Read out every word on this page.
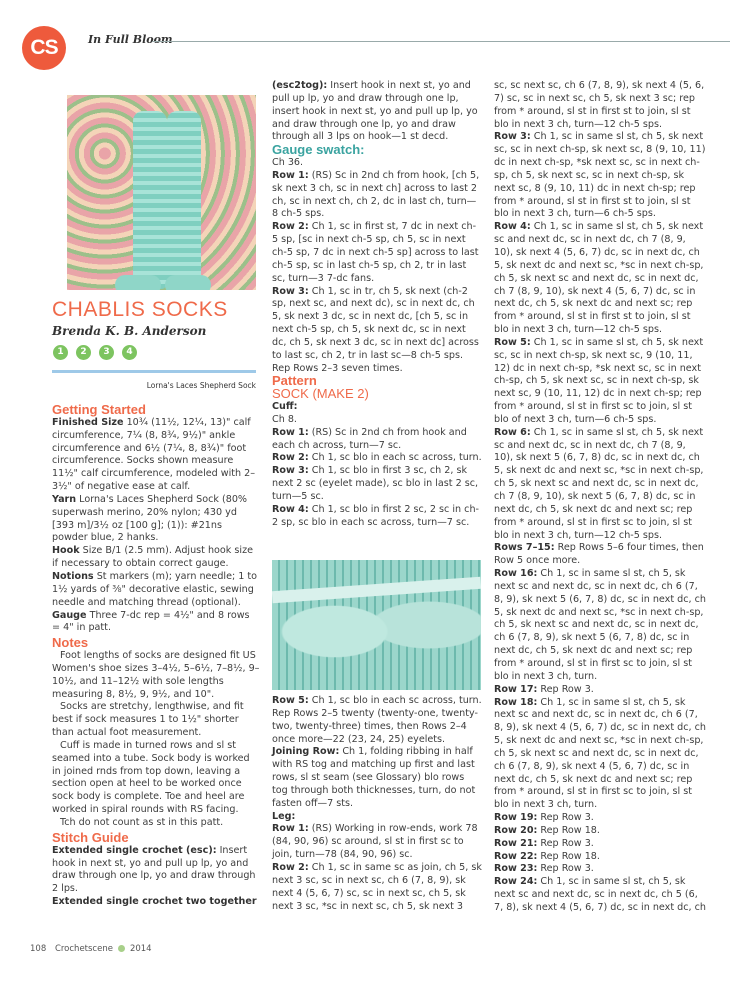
CS	In Full Bloom
CHABLIS SOCKS
Brenda K. B. Anderson
1	2	3	4
Lorna's Laces Shepherd Sock

Getting Started

Finished Size 10¾ (11½, 12¼, 13)" calf circumference, 7¼ (8, 8¾, 9½)" ankle circumference and 6½ (7¼, 8, 8¾)" foot circumference. Socks shown measure 11½" calf circumference, modeled with 2–3½" of negative ease at calf.

Yarn Lorna's Laces Shepherd Sock (80% superwash merino, 20% nylon; 430 yd [393 m]/3½ oz [100 g]; (1)): #21ns powder blue, 2 hanks.

Hook Size B/1 (2.5 mm). Adjust hook size if necessary to obtain correct gauge.

Notions St markers (m); yarn needle; 1 to 1½ yards of ⅜" decorative elastic, sewing needle and matching thread (optional).

Gauge Three 7-dc rep = 4½" and 8 rows = 4" in patt.

Notes

Foot lengths of socks are designed fit US Women's shoe sizes 3–4½, 5–6½, 7–8½, 9–10½, and 11–12½ with sole lengths measuring 8, 8½, 9, 9½, and 10".

Socks are stretchy, lengthwise, and fit best if sock measures 1 to 1½" shorter than actual foot measurement.

Cuff is made in turned rows and sl st seamed into a tube. Sock body is worked in joined rnds from top down, leaving a section open at heel to be worked once sock body is complete. Toe and heel are worked in spiral rounds with RS facing.

Tch do not count as st in this patt.

Stitch Guide

Extended single crochet (esc): Insert hook in next st, yo and pull up lp, yo and draw through one lp, yo and draw through 2 lps.

Extended single crochet two together

(esc2tog): Insert hook in next st, yo and pull up lp, yo and draw through one lp, insert hook in next st, yo and pull up lp, yo and draw through one lp, yo and draw through all 3 lps on hook—1 st decd.

Gauge swatch:

Ch 36.

Row 1: (RS) Sc in 2nd ch from hook, [ch 5, sk next 3 ch, sc in next ch] across to last 2 ch, sc in next ch, ch 2, dc in last ch, turn—8 ch-5 sps.

Row 2: Ch 1, sc in first st, 7 dc in next ch-5 sp, [sc in next ch-5 sp, ch 5, sc in next ch-5 sp, 7 dc in next ch-5 sp] across to last ch-5 sp, sc in last ch-5 sp, ch 2, tr in last sc, turn—3 7-dc fans.

Row 3: Ch 1, sc in tr, ch 5, sk next (ch-2 sp, next sc, and next dc), sc in next dc, ch 5, sk next 3 dc, sc in next dc, [ch 5, sc in next ch-5 sp, ch 5, sk next dc, sc in next dc, ch 5, sk next 3 dc, sc in next dc] across to last sc, ch 2, tr in last sc—8 ch-5 sps.

Rep Rows 2–3 seven times.

Pattern

SOCK (MAKE 2)

Cuff:

Ch 8.

Row 1: (RS) Sc in 2nd ch from hook and each ch across, turn—7 sc.

Row 2: Ch 1, sc blo in each sc across, turn.

Row 3: Ch 1, sc blo in first 3 sc, ch 2, sk next 2 sc (eyelet made), sc blo in last 2 sc, turn—5 sc.

Row 4: Ch 1, sc blo in first 2 sc, 2 sc in ch-2 sp, sc blo in each sc across, turn—7 sc.

Row 5: Ch 1, sc blo in each sc across, turn. Rep Rows 2–5 twenty (twenty-one, twenty-two, twenty-three) times, then Rows 2–4 once more—22 (23, 24, 25) eyelets.

Joining Row: Ch 1, folding ribbing in half with RS tog and matching up first and last rows, sl st seam (see Glossary) blo rows tog through both thicknesses, turn, do not fasten off—7 sts.

Leg:

Row 1: (RS) Working in row-ends, work 78 (84, 90, 96) sc around, sl st in first sc to join, turn—78 (84, 90, 96) sc.

Row 2: Ch 1, sc in same sc as join, ch 5, sk next 3 sc, sc in next sc, ch 6 (7, 8, 9), sk next 4 (5, 6, 7) sc, sc in next sc, ch 5, sk next 3 sc, *sc in next sc, ch 5, sk next 3

sc, sc next sc, ch 6 (7, 8, 9), sk next 4 (5, 6, 7) sc, sc in next sc, ch 5, sk next 3 sc; rep from * around, sl st in first st to join, sl st blo in next 3 ch, turn—12 ch-5 sps.

Row 3: Ch 1, sc in same sl st, ch 5, sk next sc, sc in next ch-sp, sk next sc, 8 (9, 10, 11) dc in next ch-sp, *sk next sc, sc in next ch-sp, ch 5, sk next sc, sc in next ch-sp, sk next sc, 8 (9, 10, 11) dc in next ch-sp; rep from * around, sl st in first st to join, sl st blo in next 3 ch, turn—6 ch-5 sps.

Row 4: Ch 1, sc in same sl st, ch 5, sk next sc and next dc, sc in next dc, ch 7 (8, 9, 10), sk next 4 (5, 6, 7) dc, sc in next dc, ch 5, sk next dc and next sc, *sc in next ch-sp, ch 5, sk next sc and next dc, sc in next dc, ch 7 (8, 9, 10), sk next 4 (5, 6, 7) dc, sc in next dc, ch 5, sk next dc and next sc; rep from * around, sl st in first st to join, sl st blo in next 3 ch, turn—12 ch-5 sps.

Row 5: Ch 1, sc in same sl st, ch 5, sk next sc, sc in next ch-sp, sk next sc, 9 (10, 11, 12) dc in next ch-sp, *sk next sc, sc in next ch-sp, ch 5, sk next sc, sc in next ch-sp, sk next sc, 9 (10, 11, 12) dc in next ch-sp; rep from * around, sl st in first sc to join, sl st blo of next 3 ch, turn—6 ch-5 sps.

Row 6: Ch 1, sc in same sl st, ch 5, sk next sc and next dc, sc in next dc, ch 7 (8, 9, 10), sk next 5 (6, 7, 8) dc, sc in next dc, ch 5, sk next dc and next sc, *sc in next ch-sp, ch 5, sk next sc and next dc, sc in next dc, ch 7 (8, 9, 10), sk next 5 (6, 7, 8) dc, sc in next dc, ch 5, sk next dc and next sc; rep from * around, sl st in first sc to join, sl st blo in next 3 ch, turn—12 ch-5 sps.

Rows 7–15: Rep Rows 5–6 four times, then Row 5 once more.

Row 16: Ch 1, sc in same sl st, ch 5, sk next sc and next dc, sc in next dc, ch 6 (7, 8, 9), sk next 5 (6, 7, 8) dc, sc in next dc, ch 5, sk next dc and next sc, *sc in next ch-sp, ch 5, sk next sc and next dc, sc in next dc, ch 6 (7, 8, 9), sk next 5 (6, 7, 8) dc, sc in next dc, ch 5, sk next dc and next sc; rep from * around, sl st in first sc to join, sl st blo in next 3 ch, turn.

Row 17: Rep Row 3.

Row 18: Ch 1, sc in same sl st, ch 5, sk next sc and next dc, sc in next dc, ch 6 (7, 8, 9), sk next 4 (5, 6, 7) dc, sc in next dc, ch 5, sk next dc and next sc, *sc in next ch-sp, ch 5, sk next sc and next dc, sc in next dc, ch 6 (7, 8, 9), sk next 4 (5, 6, 7) dc, sc in next dc, ch 5, sk next dc and next sc; rep from * around, sl st in first sc to join, sl st blo in next 3 ch, turn.

Row 19: Rep Row 3.

Row 20: Rep Row 18.

Row 21: Rep Row 3.

Row 22: Rep Row 18.

Row 23: Rep Row 3.

Row 24: Ch 1, sc in same sl st, ch 5, sk next sc and next dc, sc in next dc, ch 5 (6, 7, 8), sk next 4 (5, 6, 7) dc, sc in next dc, ch

108 Crochetscene 2014
